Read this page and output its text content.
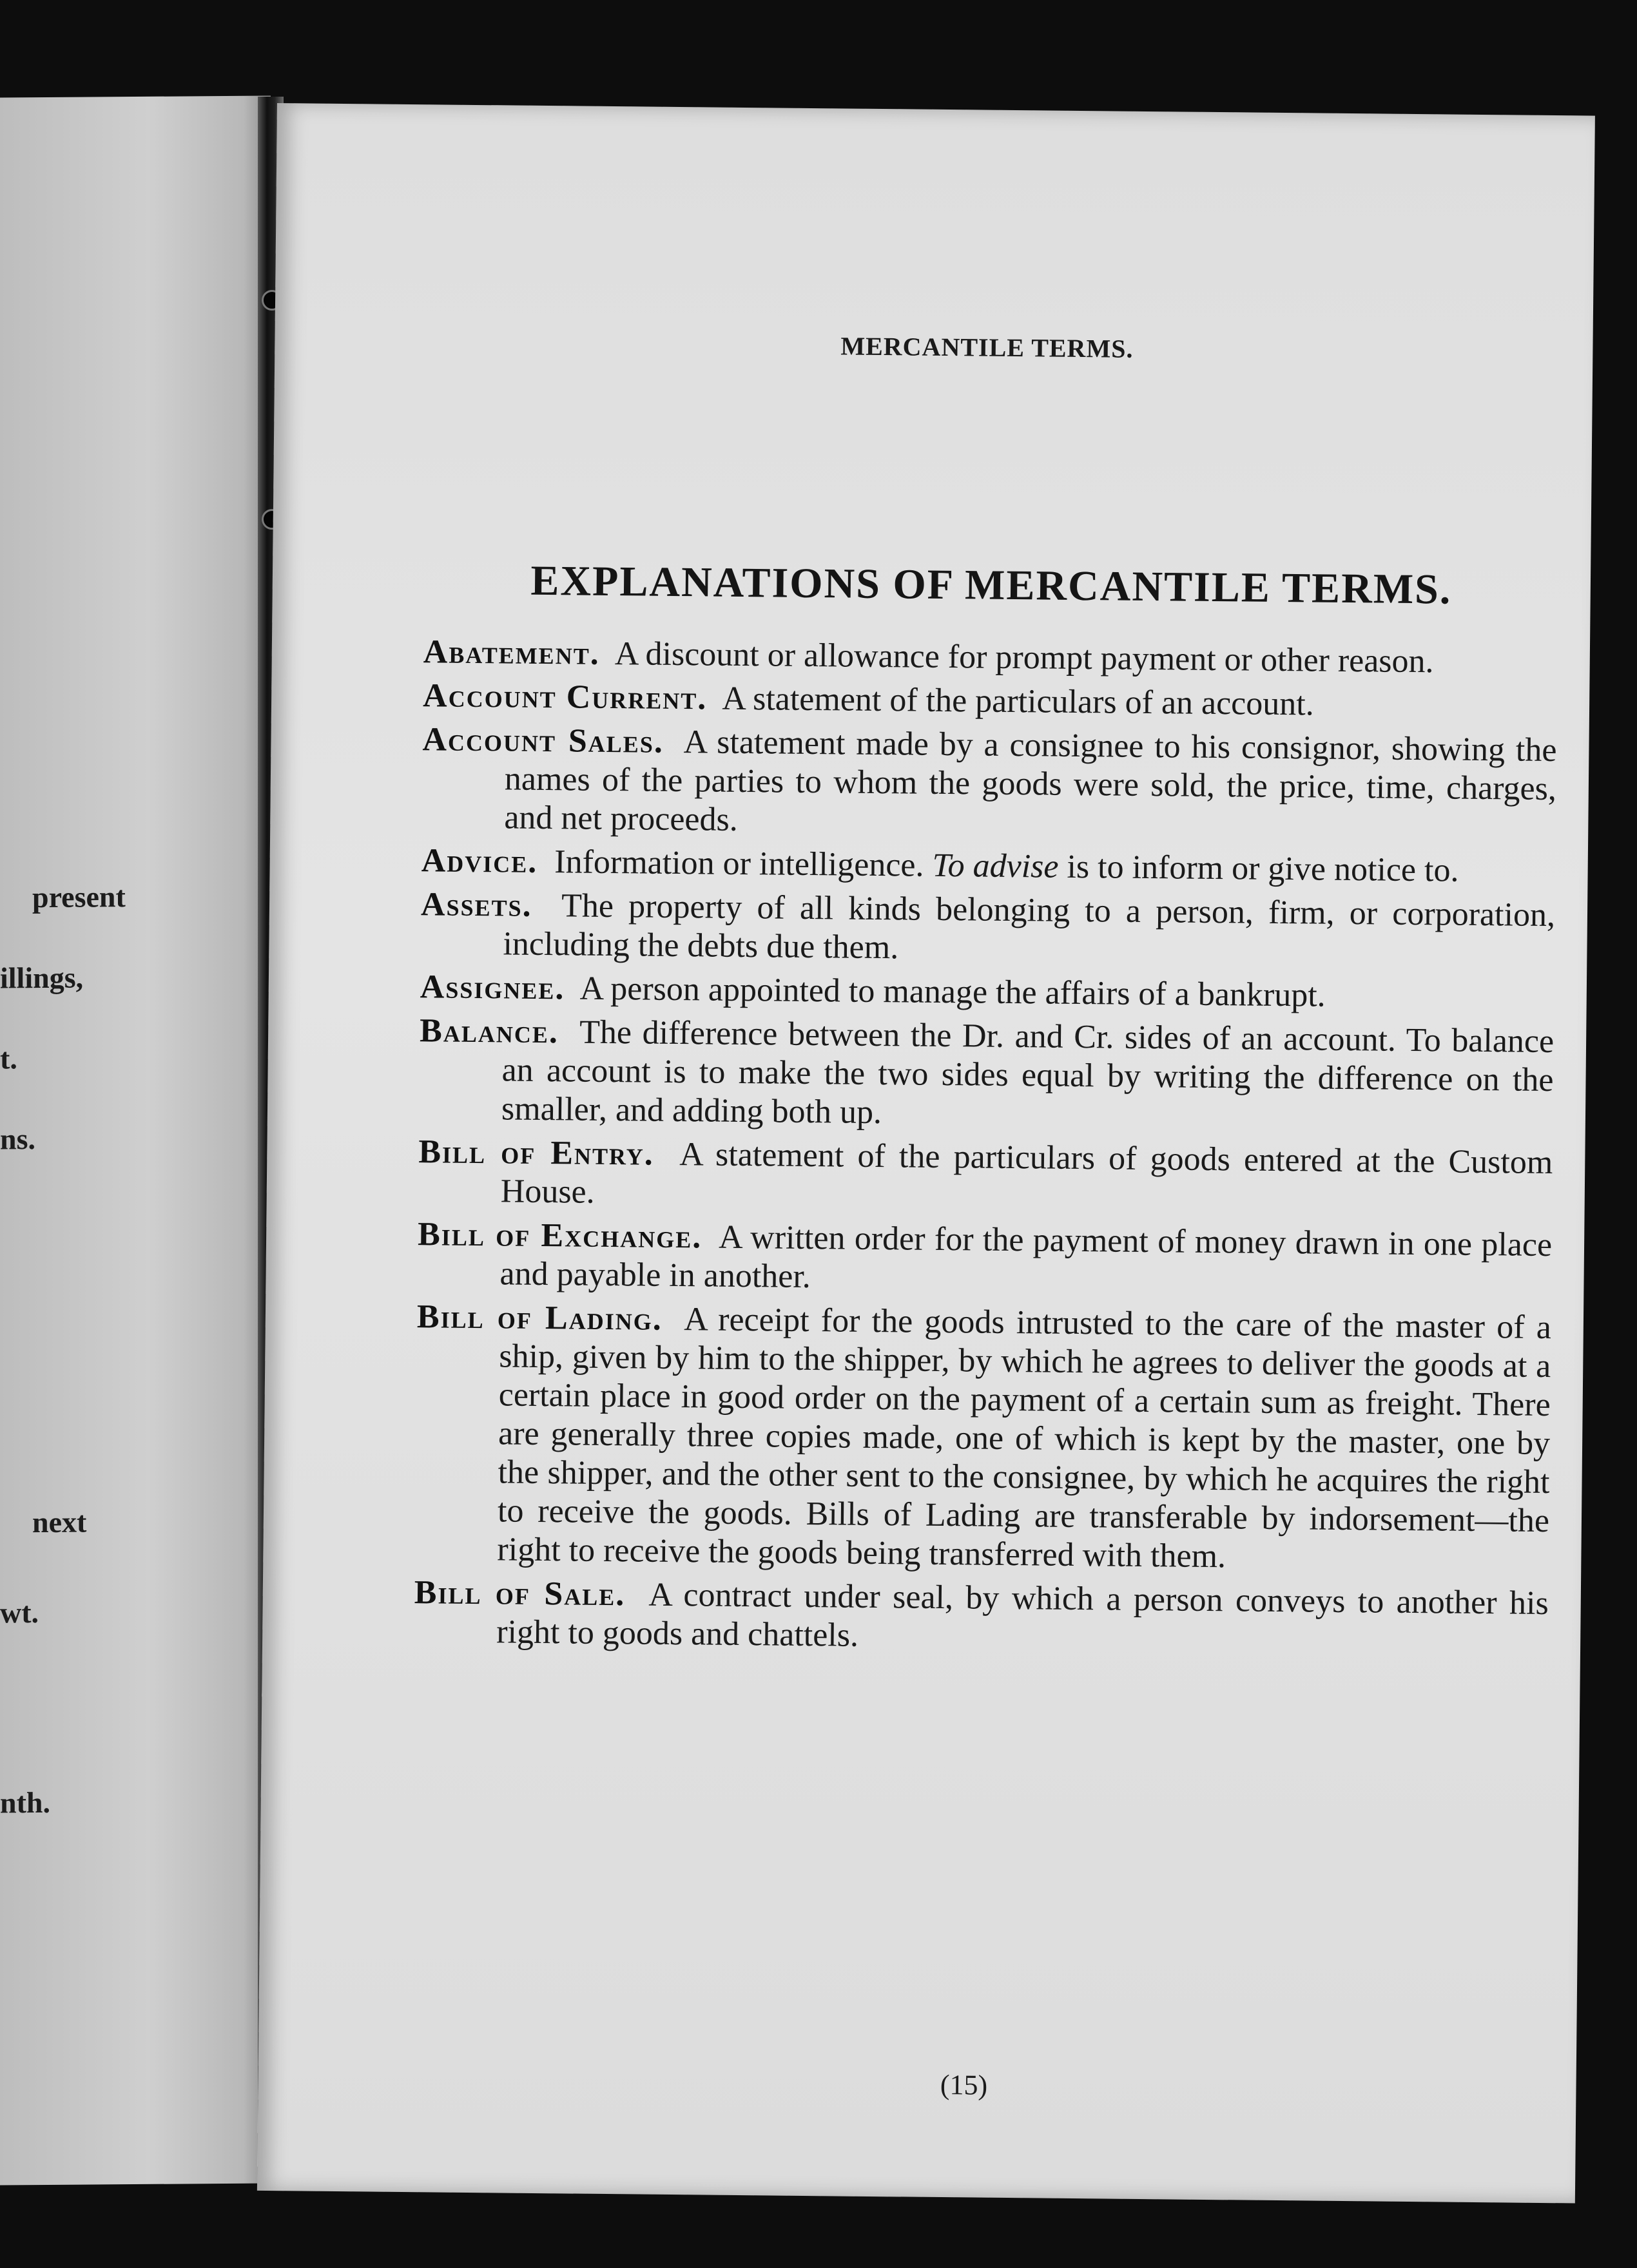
present
illings,
t.
ns.
next
wt.
nth.
MERCANTILE TERMS.
EXPLANATIONS OF MERCANTILE TERMS.

Abatement. A discount or allowance for prompt payment or other reason.

Account Current. A statement of the particulars of an account.

Account Sales. A statement made by a consignee to his consignor, showing the names of the parties to whom the goods were sold, the price, time, charges, and net proceeds.

Advice. Information or intelligence. To advise is to inform or give notice to.

Assets. The property of all kinds belonging to a person, firm, or corporation, including the debts due them.

Assignee. A person appointed to manage the affairs of a bankrupt.

Balance. The difference between the Dr. and Cr. sides of an account. To balance an account is to make the two sides equal by writing the difference on the smaller, and adding both up.

Bill of Entry. A statement of the particulars of goods entered at the Custom House.

Bill of Exchange. A written order for the payment of money drawn in one place and payable in another.

Bill of Lading. A receipt for the goods intrusted to the care of the master of a ship, given by him to the shipper, by which he agrees to deliver the goods at a certain place in good order on the payment of a certain sum as freight. There are generally three copies made, one of which is kept by the master, one by the shipper, and the other sent to the consignee, by which he acquires the right to receive the goods. Bills of Lading are transferable by indorsement—the right to receive the goods being transferred with them.

Bill of Sale. A contract under seal, by which a person conveys to another his right to goods and chattels.

(15)
